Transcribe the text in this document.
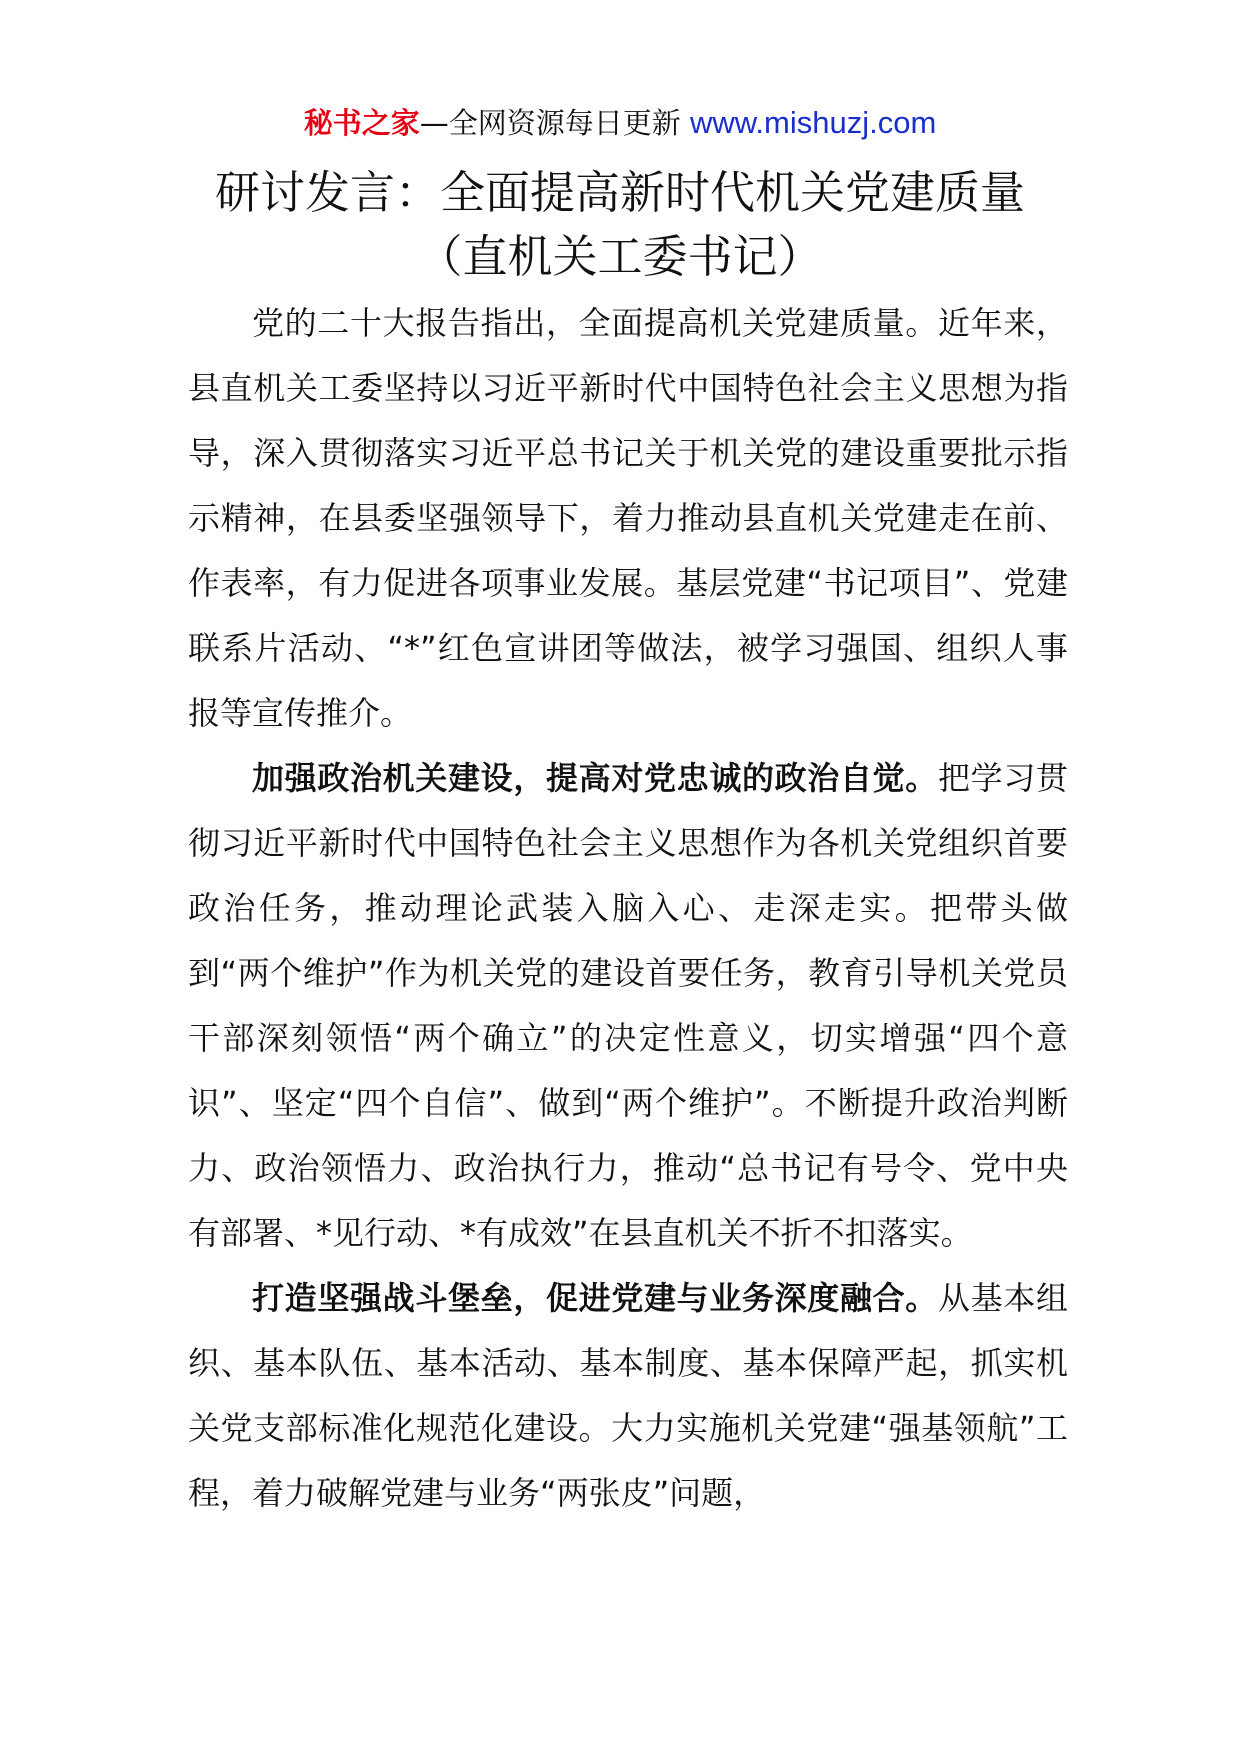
秘书之家—全网资源每日更新 www.mishuzj.com
研讨发言：全面提高新时代机关党建质量
（直机关工委书记）

党的二十大报告指出，全面提高机关党建质量。近年来，县直机关工委坚持以习近平新时代中国特色社会主义思想为指导，深入贯彻落实习近平总书记关于机关党的建设重要批示指示精神，在县委坚强领导下，着力推动县直机关党建走在前、作表率，有力促进各项事业发展。基层党建“书记项目”、党建联系片活动、“*”红色宣讲团等做法，被学习强国、组织人事报等宣传推介。

加强政治机关建设，提高对党忠诚的政治自觉。把学习贯彻习近平新时代中国特色社会主义思想作为各机关党组织首要政治任务，推动理论武装入脑入心、走深走实。把带头做到“两个维护”作为机关党的建设首要任务，教育引导机关党员干部深刻领悟“两个确立”的决定性意义，切实增强“四个意识”、坚定“四个自信”、做到“两个维护”。不断提升政治判断力、政治领悟力、政治执行力，推动“总书记有号令、党中央有部署、*见行动、*有成效”在县直机关不折不扣落实。

打造坚强战斗堡垒，促进党建与业务深度融合。从基本组织、基本队伍、基本活动、基本制度、基本保障严起，抓实机关党支部标准化规范化建设。大力实施机关党建“强基领航”工程，着力破解党建与业务“两张皮”问题，
